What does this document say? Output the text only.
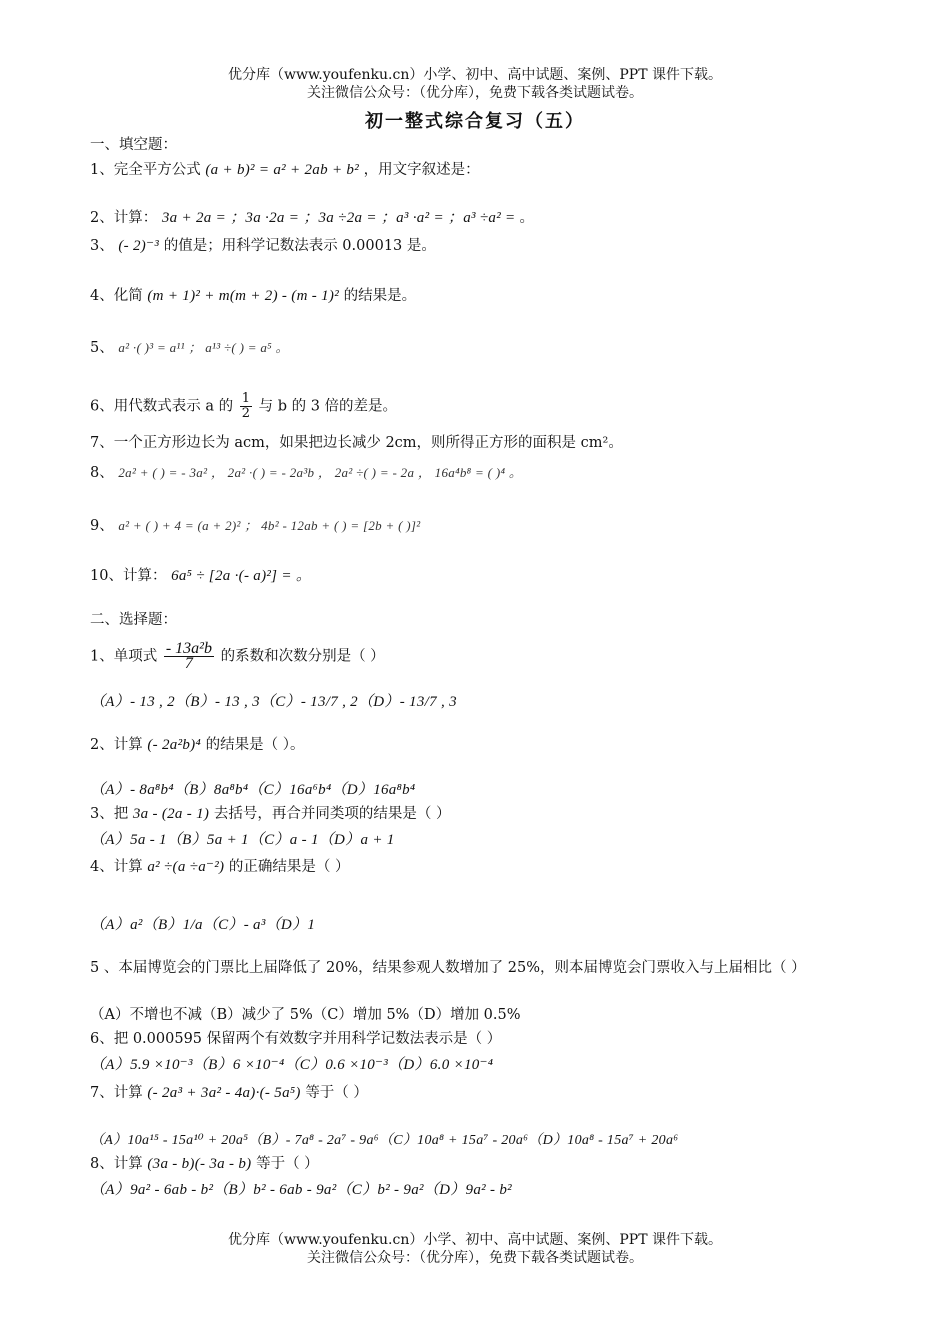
优分库（www.youfenku.cn）小学、初中、高中试题、案例、PPT 课件下载。
关注微信公众号：（优分库），免费下载各类试题试卷。
初一整式综合复习（五）
一、填空题：
1、完全平方公式 (a + b)² = a² + 2ab + b² ，用文字叙述是：
2、计算： 3a + 2a = ；3a ·2a = ；3a ÷2a = ；a³ ·a² = ；a³ ÷a² = 。
3、 (- 2)⁻³ 的值是；用科学记数法表示 0.00013 是。
4、化简 (m + 1)² + m(m + 2) - (m - 1)² 的结果是。
5、 a² ·( )³ = a¹¹ ； a¹³ ÷( ) = a⁵ 。
6、用代数式表示 a 的 $\frac{1}{2}$ 与 b 的 3 倍的差是。
7、一个正方形边长为 acm，如果把边长减少 2cm，则所得正方形的面积是 cm²。
8、 2a² + ( ) = - 3a² ， 2a² ·( ) = - 2a³b ， 2a² ÷( ) = - 2a ， 16a⁴b⁸ = ( )⁴ 。
9、 a² + ( ) + 4 = (a + 2)² ； 4b² - 12ab + ( ) = [2b + ( )]²
10、计算： 6a⁵ ÷ [2a ·(- a)²] = 。
二、选择题：
1、单项式 $\frac{\text{- 13a²b}}{7}$ 的系数和次数分别是（ ）
（A）- 13 , 2（B）- 13 , 3（C）- 13/7 , 2（D）- 13/7 , 3
2、计算 (- 2a²b)⁴ 的结果是（ ）。
（A）- 8a⁸b⁴（B）8a⁸b⁴（C）16a⁶b⁴（D）16a⁸b⁴
3、把 3a - (2a - 1) 去括号，再合并同类项的结果是（ ）
（A）5a - 1（B）5a + 1（C）a - 1（D）a + 1
4、计算 a² ÷(a ÷a⁻²) 的正确结果是（ ）
（A）a²（B）1/a（C）- a³（D）1
5 、本届博览会的门票比上届降低了 20%，结果参观人数增加了 25%，则本届博览会门票收入与上届相比（ ）
（A）不增也不减（B）减少了 5%（C）增加 5%（D）增加 0.5%
6、把 0.000595 保留两个有效数字并用科学记数法表示是（ ）
（A）5.9 ×10⁻³（B）6 ×10⁻⁴（C）0.6 ×10⁻³（D）6.0 ×10⁻⁴
7、计算 (- 2a³ + 3a² - 4a)·(- 5a⁵) 等于（ ）
（A）10a¹⁵ - 15a¹⁰ + 20a⁵（B）- 7a⁸ - 2a⁷ - 9a⁶（C）10a⁸ + 15a⁷ - 20a⁶（D）10a⁸ - 15a⁷ + 20a⁶
8、计算 (3a - b)(- 3a - b) 等于（ ）
（A）9a² - 6ab - b²（B）b² - 6ab - 9a²（C）b² - 9a²（D）9a² - b²
优分库（www.youfenku.cn）小学、初中、高中试题、案例、PPT 课件下载。
关注微信公众号：（优分库），免费下载各类试题试卷。
